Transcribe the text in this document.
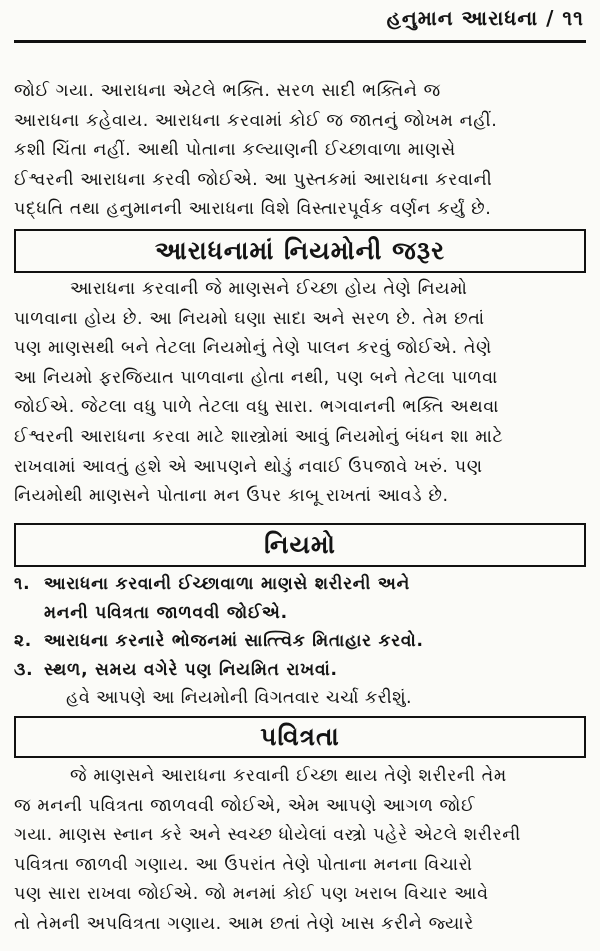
હનુમાન આરાધના / ૧૧
જોઈ ગયા. આરાધના એટલે ભક્તિ. સરળ સાદી ભક્તિને જ
આરાધના કહેવાય. આરાધના કરવામાં કોઈ જ જાતનું જોખમ નહીં.
કશી ચિંતા નહીં. આથી પોતાના કલ્યાણની ઈચ્છાવાળા માણસે
ઈશ્વરની આરાધના કરવી જોઈએ. આ પુસ્તકમાં આરાધના કરવાની
પદ્ધતિ તથા હનુમાનની આરાધના વિશે વિસ્તારપૂર્વક વર્ણન કર્યું છે.
આરાધનામાં નિયમોની જરૂર
આરાધના કરવાની જે માણસને ઈચ્છા હોય તેણે નિયમો
પાળવાના હોય છે. આ નિયમો ઘણા સાદા અને સરળ છે. તેમ છતાં
પણ માણસથી બને તેટલા નિયમોનું તેણે પાલન કરવું જોઈએ. તેણે
આ નિયમો ફરજિયાત પાળવાના હોતા નથી, પણ બને તેટલા પાળવા
જોઈએ. જેટલા વધુ પાળે તેટલા વધુ સારા. ભગવાનની ભક્તિ અથવા
ઈશ્વરની આરાધના કરવા માટે શાસ્ત્રોમાં આવું નિયમોનું બંધન શા માટે
રાખવામાં આવતું હશે એ આપણને થોડું નવાઈ ઉપજાવે ખરું. પણ
નિયમોથી માણસને પોતાના મન ઉપર કાબૂ રાખતાં આવડે છે.
નિયમો
૧. આરાધના કરવાની ઈચ્છાવાળા માણસે શરીરની અને
મનની પવિત્રતા જાળવવી જોઈએ.
૨. આરાધના કરનારે ભોજનમાં સાત્ત્વિક મિતાહાર કરવો.
૩. સ્થળ, સમય વગેરે પણ નિયમિત રાખવાં.
હવે આપણે આ નિયમોની વિગતવાર ચર્ચા કરીશું.
પવિત્રતા
જે માણસને આરાધના કરવાની ઈચ્છા થાય તેણે શરીરની તેમ
જ મનની પવિત્રતા જાળવવી જોઈએ, એમ આપણે આગળ જોઈ
ગયા. માણસ સ્નાન કરે અને સ્વચ્છ ધોયેલાં વસ્ત્રો પહેરે એટલે શરીરની
પવિત્રતા જાળવી ગણાય. આ ઉપરાંત તેણે પોતાના મનના વિચારો
પણ સારા રાખવા જોઈએ. જો મનમાં કોઈ પણ ખરાબ વિચાર આવે
તો તેમની અપવિત્રતા ગણાય. આમ છતાં તેણે ખાસ કરીને જ્યારે
